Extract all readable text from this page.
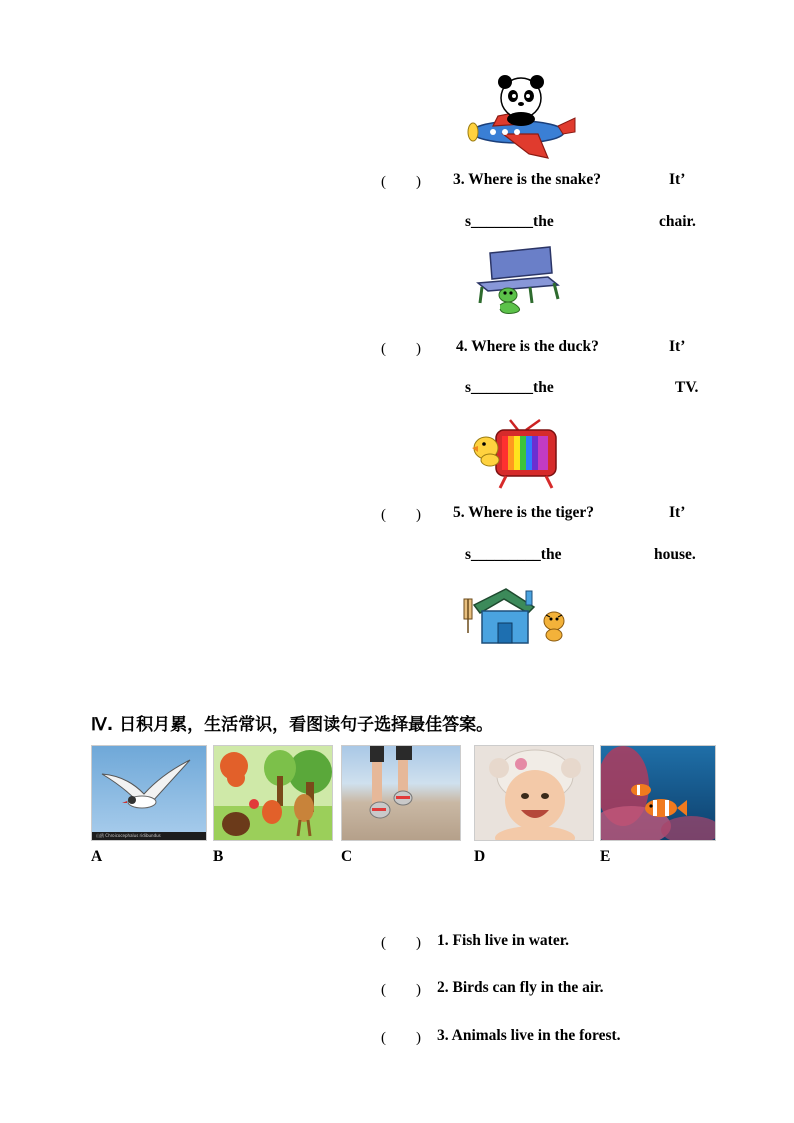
(　　) 3. Where is the snake?	It’
s________the	chair.
(　　) 4. Where is the duck?	It’
s________the	TV.
(　　) 5. Where is the tiger?	It’
s_________the	house.
Ⅳ. 日积月累，生活常识，看图读句子选择最佳答案。
山鸥 Chroicocephalus ridibundus
A	B	C	D	E
(　　) 1. Fish live in water.
(　　) 2. Birds can fly in the air.
(　　) 3. Animals live in the forest.
